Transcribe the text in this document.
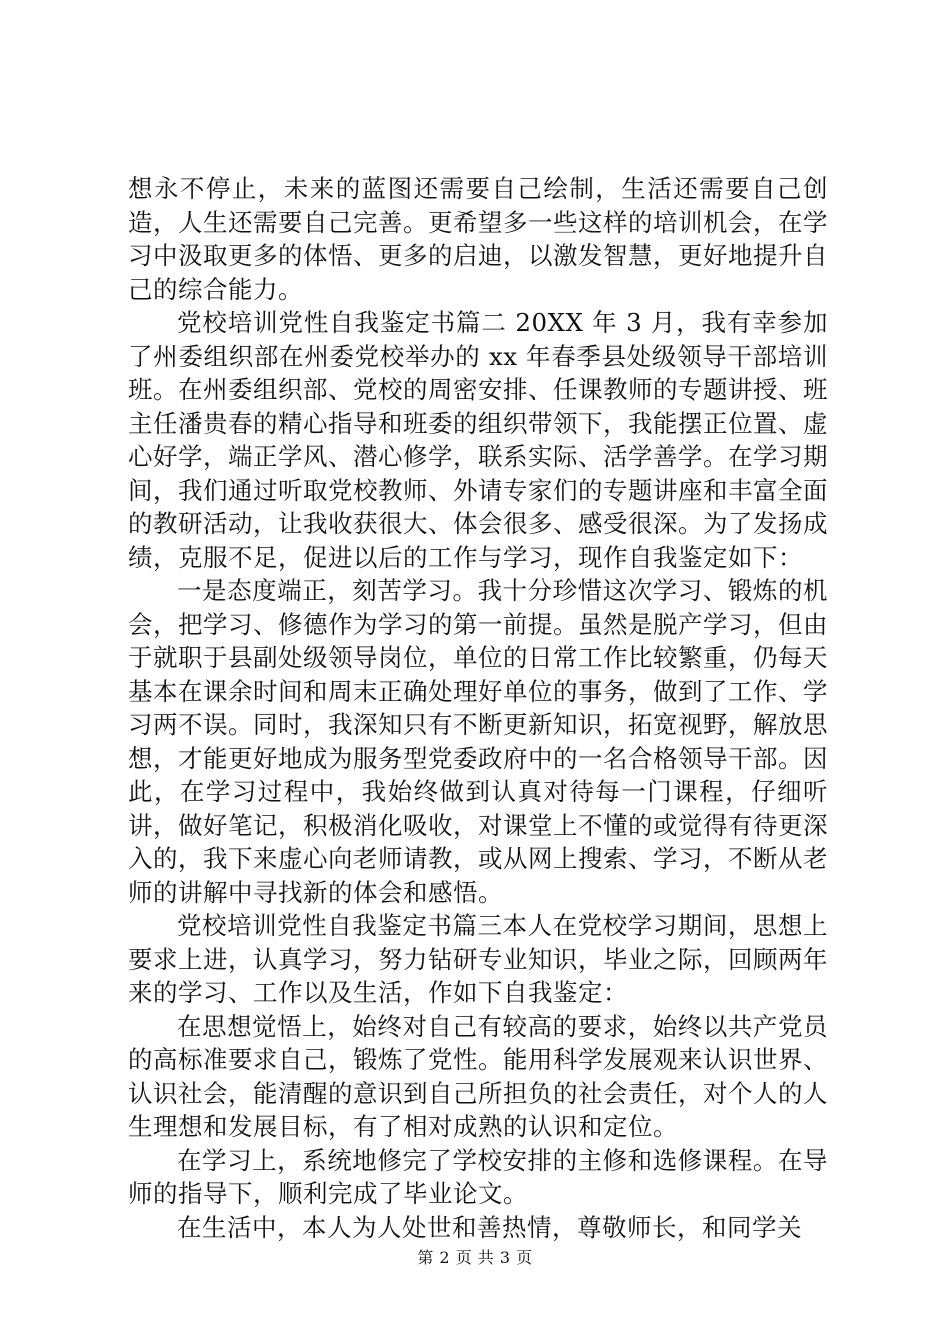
想永不停止，未来的蓝图还需要自己绘制，生活还需要自己创造，人生还需要自己完善。更希望多一些这样的培训机会，在学习中汲取更多的体悟、更多的启迪，以激发智慧，更好地提升自己的综合能力。

党校培训党性自我鉴定书篇二 20XX 年 3 月，我有幸参加了州委组织部在州委党校举办的 xx 年春季县处级领导干部培训班。在州委组织部、党校的周密安排、任课教师的专题讲授、班主任潘贵春的精心指导和班委的组织带领下，我能摆正位置、虚心好学，端正学风、潜心修学，联系实际、活学善学。在学习期间，我们通过听取党校教师、外请专家们的专题讲座和丰富全面的教研活动，让我收获很大、体会很多、感受很深。为了发扬成绩，克服不足，促进以后的工作与学习，现作自我鉴定如下：

一是态度端正，刻苦学习。我十分珍惜这次学习、锻炼的机会，把学习、修德作为学习的第一前提。虽然是脱产学习，但由于就职于县副处级领导岗位，单位的日常工作比较繁重，仍每天基本在课余时间和周末正确处理好单位的事务，做到了工作、学习两不误。同时，我深知只有不断更新知识，拓宽视野，解放思想，才能更好地成为服务型党委政府中的一名合格领导干部。因此，在学习过程中，我始终做到认真对待每一门课程，仔细听讲，做好笔记，积极消化吸收，对课堂上不懂的或觉得有待更深入的，我下来虚心向老师请教，或从网上搜索、学习，不断从老师的讲解中寻找新的体会和感悟。

党校培训党性自我鉴定书篇三本人在党校学习期间，思想上要求上进，认真学习，努力钻研专业知识，毕业之际，回顾两年来的学习、工作以及生活，作如下自我鉴定：

在思想觉悟上，始终对自己有较高的要求，始终以共产党员的高标准要求自己，锻炼了党性。能用科学发展观来认识世界、认识社会，能清醒的意识到自己所担负的社会责任，对个人的人生理想和发展目标，有了相对成熟的认识和定位。

在学习上，系统地修完了学校安排的主修和选修课程。在导师的指导下，顺利完成了毕业论文。

在生活中，本人为人处世和善热情，尊敬师长，和同学关

第 2 页 共 3 页
